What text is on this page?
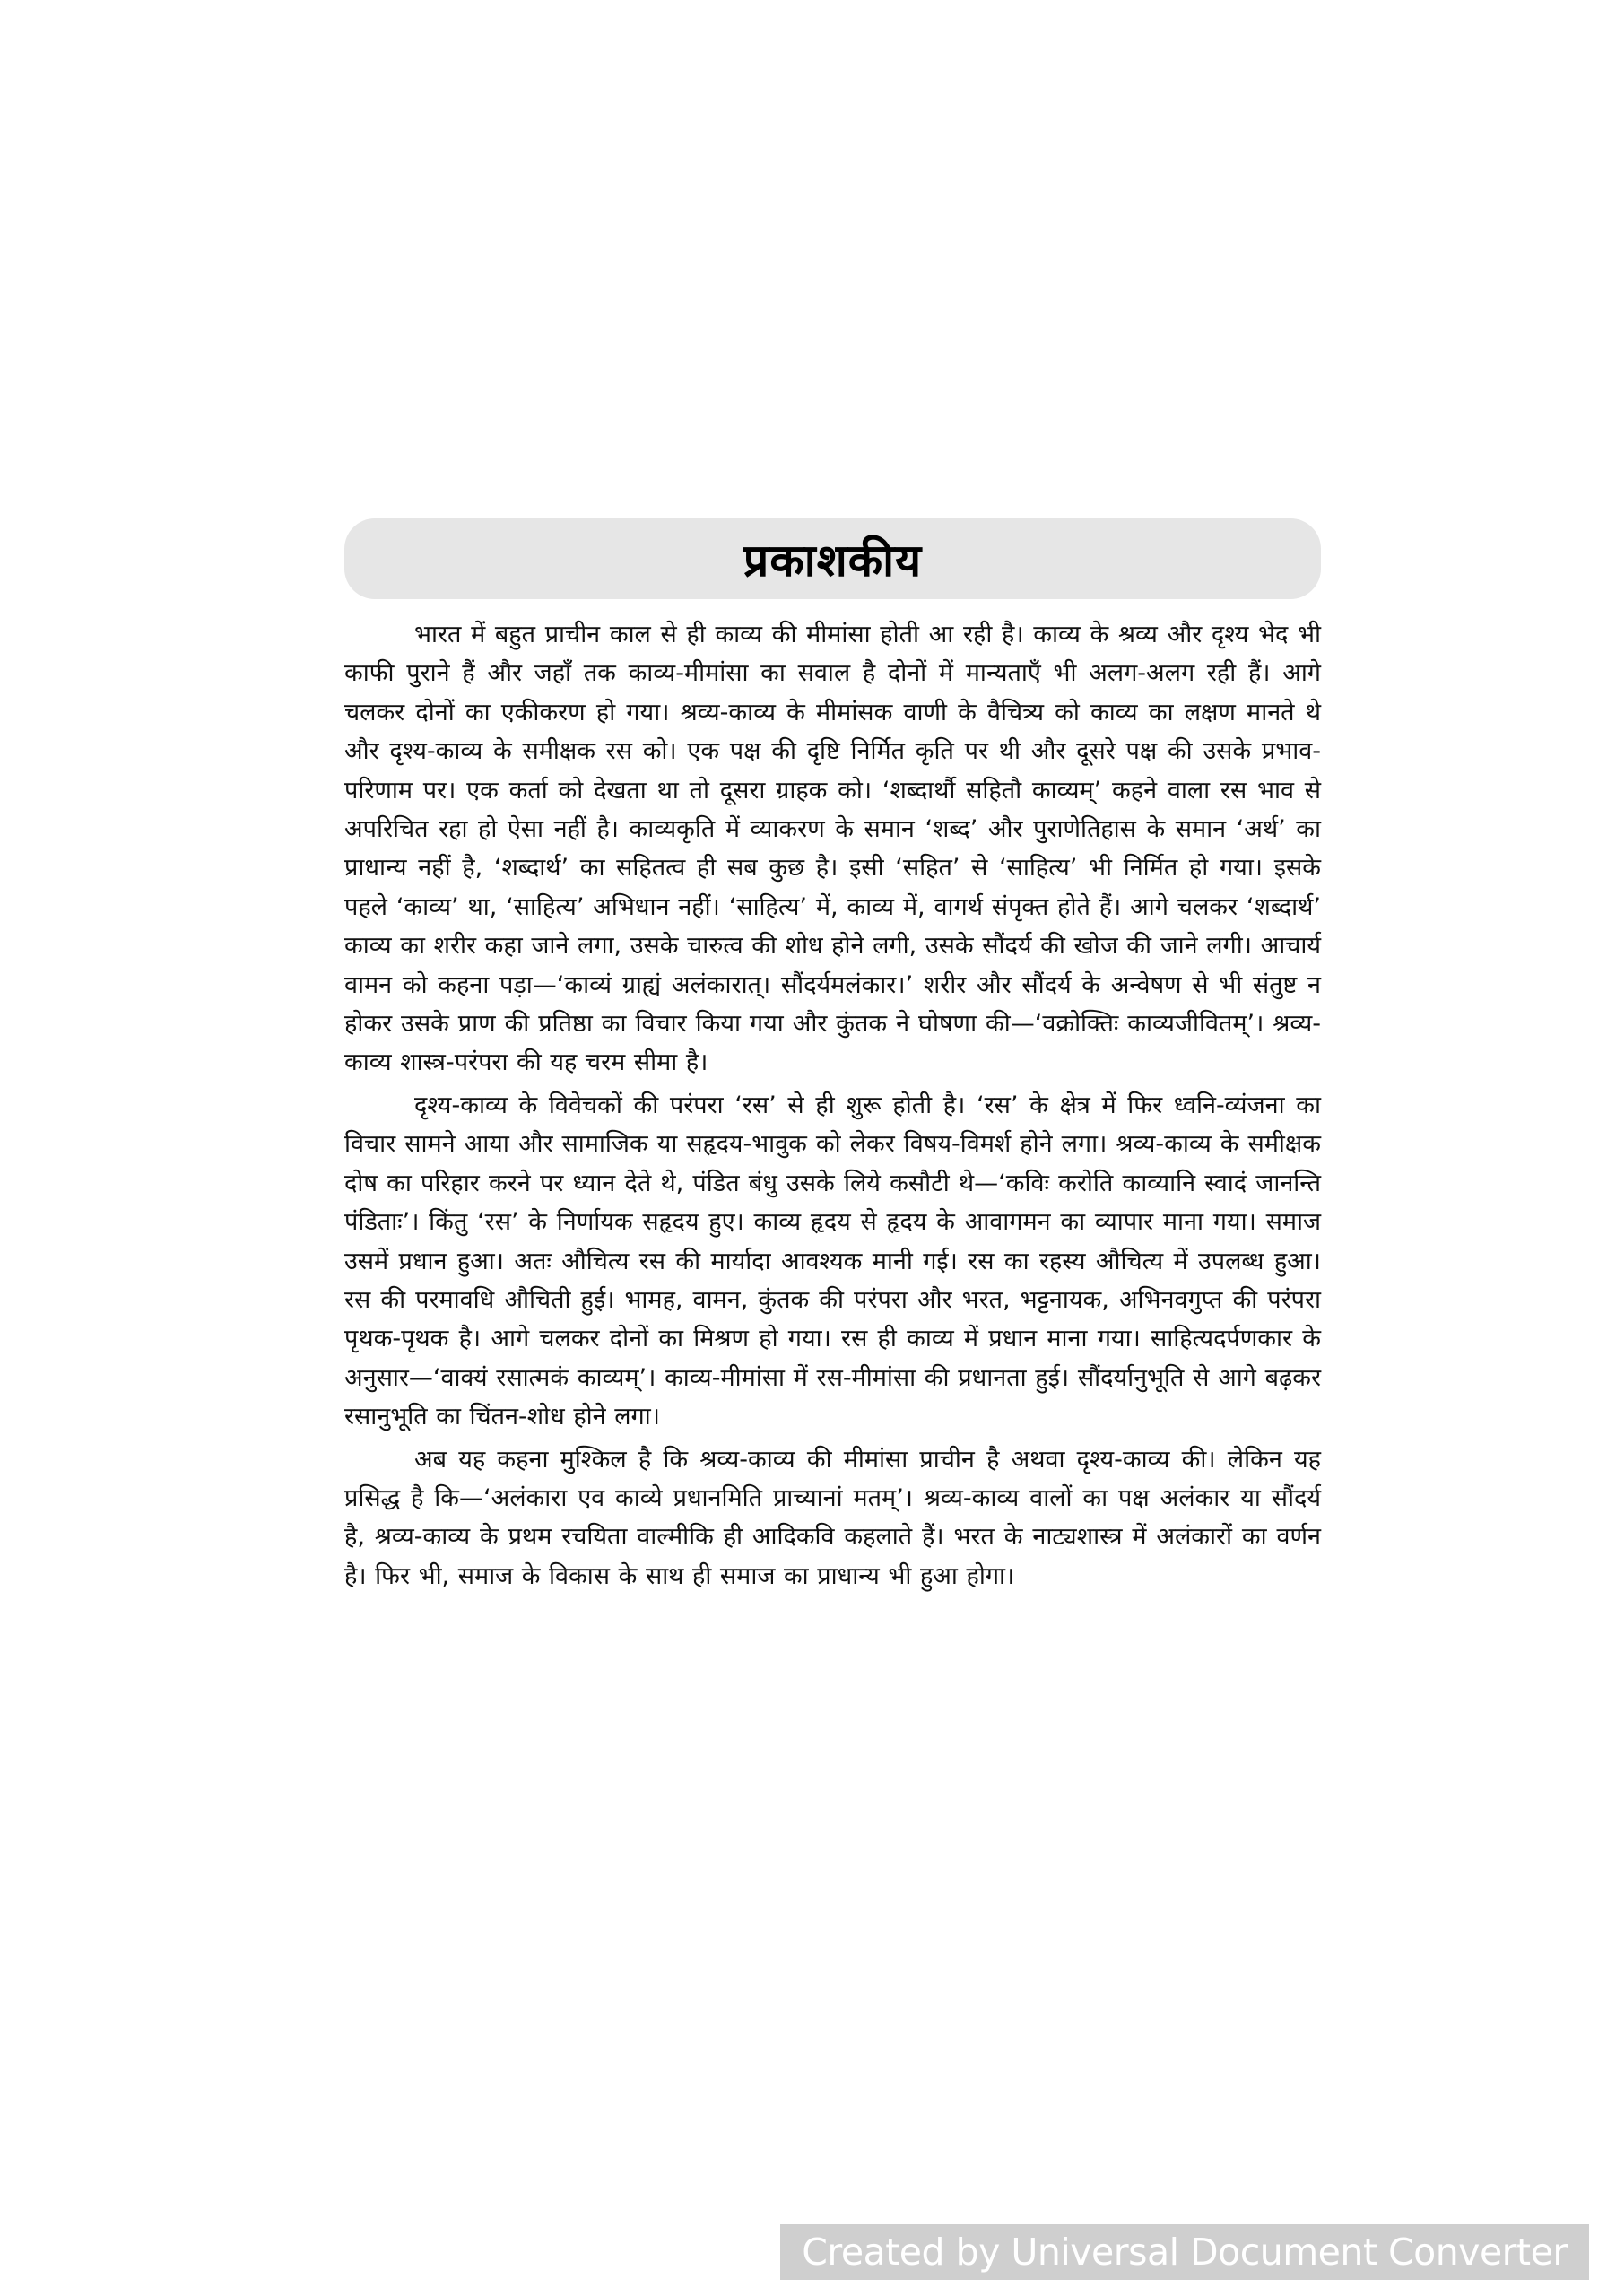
प्रकाशकीय

भारत में बहुत प्राचीन काल से ही काव्य की मीमांसा होती आ रही है। काव्य के श्रव्य और दृश्य भेद भी काफी पुराने हैं और जहाँ तक काव्य-मीमांसा का सवाल है दोनों में मान्यताएँ भी अलग-अलग रही हैं। आगे चलकर दोनों का एकीकरण हो गया। श्रव्य-काव्य के मीमांसक वाणी के वैचित्र्य को काव्य का लक्षण मानते थे और दृश्य-काव्य के समीक्षक रस को। एक पक्ष की दृष्टि निर्मित कृति पर थी और दूसरे पक्ष की उसके प्रभाव-परिणाम पर। एक कर्ता को देखता था तो दूसरा ग्राहक को। ‘शब्दार्थौ सहितौ काव्यम्’ कहने वाला रस भाव से अपरिचित रहा हो ऐसा नहीं है। काव्यकृति में व्याकरण के समान ‘शब्द’ और पुराणेतिहास के समान ‘अर्थ’ का प्राधान्य नहीं है, ‘शब्दार्थ’ का सहितत्व ही सब कुछ है। इसी ‘सहित’ से ‘साहित्य’ भी निर्मित हो गया। इसके पहले ‘काव्य’ था, ‘साहित्य’ अभिधान नहीं। ‘साहित्य’ में, काव्य में, वागर्थ संपृक्त होते हैं। आगे चलकर ‘शब्दार्थ’ काव्य का शरीर कहा जाने लगा, उसके चारुत्व की शोध होने लगी, उसके सौंदर्य की खोज की जाने लगी। आचार्य वामन को कहना पड़ा—‘काव्यं ग्राह्यं अलंकारात्। सौंदर्यमलंकार।’ शरीर और सौंदर्य के अन्वेषण से भी संतुष्ट न होकर उसके प्राण की प्रतिष्ठा का विचार किया गया और कुंतक ने घोषणा की—‘वक्रोक्तिः काव्यजीवितम्’। श्रव्य-काव्य शास्त्र-परंपरा की यह चरम सीमा है।

दृश्य-काव्य के विवेचकों की परंपरा ‘रस’ से ही शुरू होती है। ‘रस’ के क्षेत्र में फिर ध्वनि-व्यंजना का विचार सामने आया और सामाजिक या सहृदय-भावुक को लेकर विषय-विमर्श होने लगा। श्रव्य-काव्य के समीक्षक दोष का परिहार करने पर ध्यान देते थे, पंडित बंधु उसके लिये कसौटी थे—‘कविः करोति काव्यानि स्वादं जानन्ति पंडिताः’। किंतु ‘रस’ के निर्णायक सहृदय हुए। काव्य हृदय से हृदय के आवागमन का व्यापार माना गया। समाज उसमें प्रधान हुआ। अतः औचित्य रस की मार्यादा आवश्यक मानी गई। रस का रहस्य औचित्य में उपलब्ध हुआ। रस की परमावधि औचिती हुई। भामह, वामन, कुंतक की परंपरा और भरत, भट्टनायक, अभिनवगुप्त की परंपरा पृथक-पृथक है। आगे चलकर दोनों का मिश्रण हो गया। रस ही काव्य में प्रधान माना गया। साहित्यदर्पणकार के अनुसार—‘वाक्यं रसात्मकं काव्यम्’। काव्य-मीमांसा में रस-मीमांसा की प्रधानता हुई। सौंदर्यानुभूति से आगे बढ़कर रसानुभूति का चिंतन-शोध होने लगा।

अब यह कहना मुश्किल है कि श्रव्य-काव्य की मीमांसा प्राचीन है अथवा दृश्य-काव्य की। लेकिन यह प्रसिद्ध है कि—‘अलंकारा एव काव्ये प्रधानमिति प्राच्यानां मतम्’। श्रव्य-काव्य वालों का पक्ष अलंकार या सौंदर्य है, श्रव्य-काव्य के प्रथम रचयिता वाल्मीकि ही आदिकवि कहलाते हैं। भरत के नाट्यशास्त्र में अलंकारों का वर्णन है। फिर भी, समाज के विकास के साथ ही समाज का प्राधान्य भी हुआ होगा।

Created by Universal Document Converter
